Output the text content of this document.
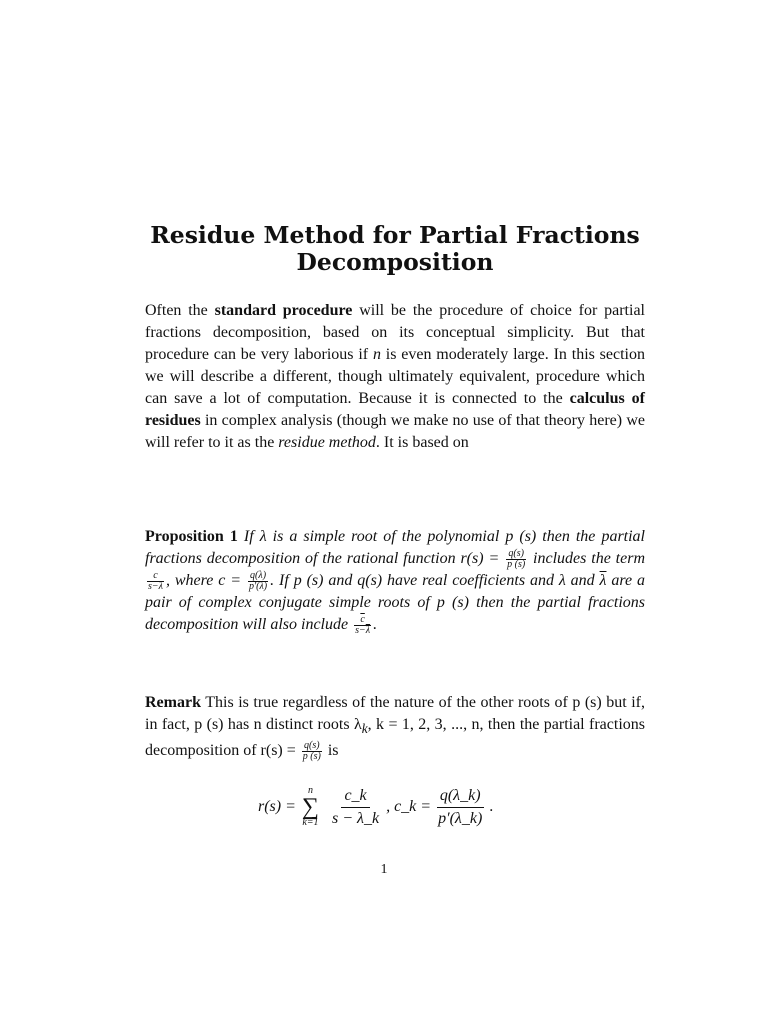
Residue Method for Partial Fractions Decomposition

Often the standard procedure will be the procedure of choice for partial fractions decomposition, based on its conceptual simplicity. But that procedure can be very laborious if n is even moderately large. In this section we will describe a different, though ultimately equivalent, procedure which can save a lot of computation. Because it is connected to the calculus of residues in complex analysis (though we make no use of that theory here) we will refer to it as the residue method. It is based on

Proposition 1 If λ is a simple root of the polynomial p (s) then the partial fractions decomposition of the rational function $r(s) = \frac{q(s)}{p (s)}$ includes the term
$\frac{c}{s-\lambda}$ , where $c = \frac{q(\lambda)}{p'(\lambda)}$ . If p (s) and q(s) have real coefficients and λ and $\overline{\lambda}$ are a pair of complex conjugate simple roots of p (s) then the partial fractions decomposition will also include $\frac{\overline{c}}{s-\overline{\lambda}}$ .

Remark This is true regardless of the nature of the other roots of p (s) but if, in fact, p (s) has n distinct roots $\lambda_k$, k = 1, 2, 3, ..., n, then the partial fractions decomposition of $r(s) = \frac{q(s)}{p (s)}$ is

r(s) =
n
∑
$k=1 \frac{c\_k}{s - \lambda\_k}$ , c_k = $\frac{q(\lambda\_k)}{p'(\lambda\_k)}$ .
1
